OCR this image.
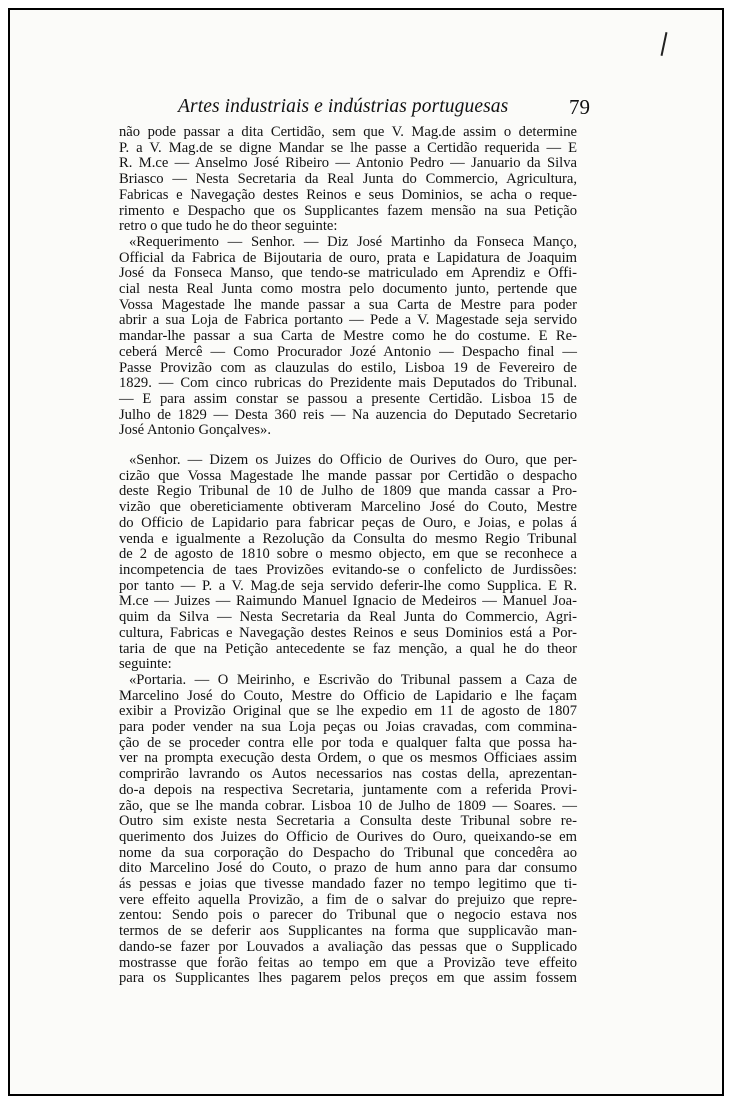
Artes industriais e indústrias portuguesas	79

não pode passar a dita Certidão, sem que V. Mag.de assim o determine

P. a V. Mag.de se digne Mandar se lhe passe a Certidão requerida — E

R. M.ce — Anselmo José Ribeiro — Antonio Pedro — Januario da Silva

Briasco — Nesta Secretaria da Real Junta do Commercio, Agricultura,

Fabricas e Navegação destes Reinos e seus Dominios, se acha o reque-

rimento e Despacho que os Supplicantes fazem mensão na sua Petição

retro o que tudo he do theor seguinte:

«Requerimento — Senhor. — Diz José Martinho da Fonseca Manço,

Official da Fabrica de Bijoutaria de ouro, prata e Lapidatura de Joaquim

José da Fonseca Manso, que tendo-se matriculado em Aprendiz e Offi-

cial nesta Real Junta como mostra pelo documento junto, pertende que

Vossa Magestade lhe mande passar a sua Carta de Mestre para poder

abrir a sua Loja de Fabrica portanto — Pede a V. Magestade seja servido

mandar-lhe passar a sua Carta de Mestre como he do costume. E Re-

ceberá Mercê — Como Procurador Jozé Antonio — Despacho final —

Passe Provizão com as clauzulas do estilo, Lisboa 19 de Fevereiro de

1829. — Com cinco rubricas do Prezidente mais Deputados do Tribunal.

— E para assim constar se passou a presente Certidão. Lisboa 15 de

Julho de 1829 — Desta 360 reis — Na auzencia do Deputado Secretario

José Antonio Gonçalves».

«Senhor. — Dizem os Juizes do Officio de Ourives do Ouro, que per-

cizão que Vossa Magestade lhe mande passar por Certidão o despacho

deste Regio Tribunal de 10 de Julho de 1809 que manda cassar a Pro-

vizão que obereticiamente obtiveram Marcelino José do Couto, Mestre

do Officio de Lapidario para fabricar peças de Ouro, e Joias, e polas á

venda e igualmente a Rezolução da Consulta do mesmo Regio Tribunal

de 2 de agosto de 1810 sobre o mesmo objecto, em que se reconhece a

incompetencia de taes Provizões evitando-se o confelicto de Jurdissões:

por tanto — P. a V. Mag.de seja servido deferir-lhe como Supplica. E R.

M.ce — Juizes — Raimundo Manuel Ignacio de Medeiros — Manuel Joa-

quim da Silva — Nesta Secretaria da Real Junta do Commercio, Agri-

cultura, Fabricas e Navegação destes Reinos e seus Dominios está a Por-

taria de que na Petição antecedente se faz menção, a qual he do theor

seguinte:

«Portaria. — O Meirinho, e Escrivão do Tribunal passem a Caza de

Marcelino José do Couto, Mestre do Officio de Lapidario e lhe façam

exibir a Provizão Original que se lhe expedio em 11 de agosto de 1807

para poder vender na sua Loja peças ou Joias cravadas, com commina-

ção de se proceder contra elle por toda e qualquer falta que possa ha-

ver na prompta execução desta Ordem, o que os mesmos Officiaes assim

comprirão lavrando os Autos necessarios nas costas della, aprezentan-

do-a depois na respectiva Secretaria, juntamente com a referida Provi-

zão, que se lhe manda cobrar. Lisboa 10 de Julho de 1809 — Soares. —

Outro sim existe nesta Secretaria a Consulta deste Tribunal sobre re-

querimento dos Juizes do Officio de Ourives do Ouro, queixando-se em

nome da sua corporação do Despacho do Tribunal que concedêra ao

dito Marcelino José do Couto, o prazo de hum anno para dar consumo

ás pessas e joias que tivesse mandado fazer no tempo legitimo que ti-

vere effeito aquella Provizão, a fim de o salvar do prejuizo que repre-

zentou: Sendo pois o parecer do Tribunal que o negocio estava nos

termos de se deferir aos Supplicantes na forma que supplicavão man-

dando-se fazer por Louvados a avaliação das pessas que o Supplicado

mostrasse que forão feitas ao tempo em que a Provizão teve effeito

para os Supplicantes lhes pagarem pelos preços em que assim fossem
